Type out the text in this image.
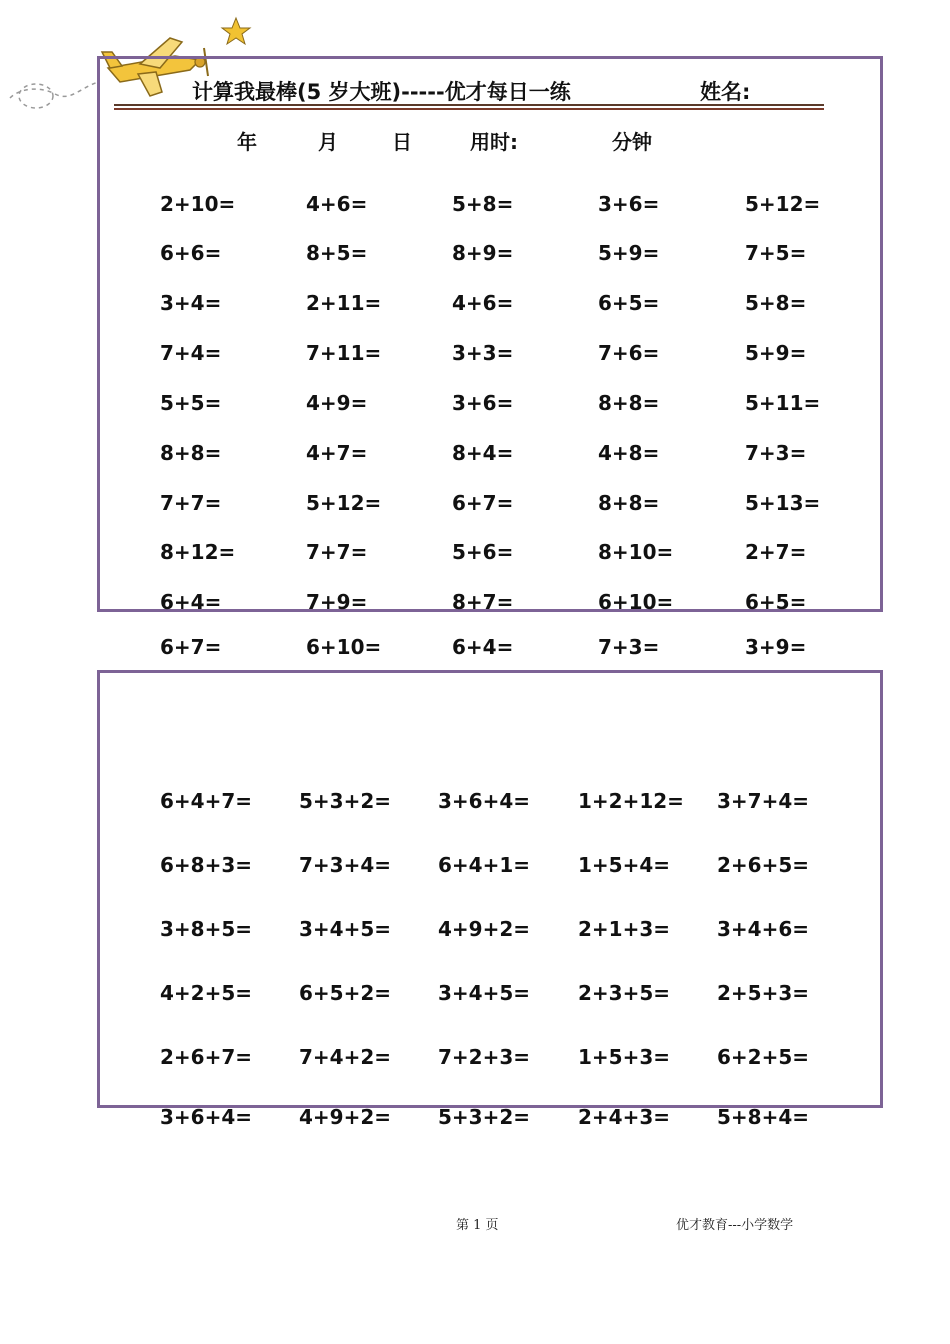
计算我最棒(5 岁大班)-----优才每日一练	姓名:
年	月	日	用时:	分钟
2+10=	4+6=	5+8=	3+6=	5+12=
6+6=	8+5=	8+9=	5+9=	7+5=
3+4=	2+11=	4+6=	6+5=	5+8=
7+4=	7+11=	3+3=	7+6=	5+9=
5+5=	4+9=	3+6=	8+8=	5+11=
8+8=	4+7=	8+4=	4+8=	7+3=
7+7=	5+12=	6+7=	8+8=	5+13=
8+12=	7+7=	5+6=	8+10=	2+7=
6+4=	7+9=	8+7=	6+10=	6+5=
6+7=	6+10=	6+4=	7+3=	3+9=
6+4+7= 5+3+2= 3+6+4= 1+2+12= 3+7+4=
6+8+3= 7+3+4= 6+4+1= 1+5+4= 2+6+5=
3+8+5= 3+4+5= 4+9+2= 2+1+3= 3+4+6=
4+2+5= 6+5+2= 3+4+5= 2+3+5= 2+5+3=
2+6+7= 7+4+2= 7+2+3= 1+5+3= 6+2+5=
3+6+4= 4+9+2= 5+3+2= 2+4+3= 5+8+4=
第 1 页	优才教育---小学数学
